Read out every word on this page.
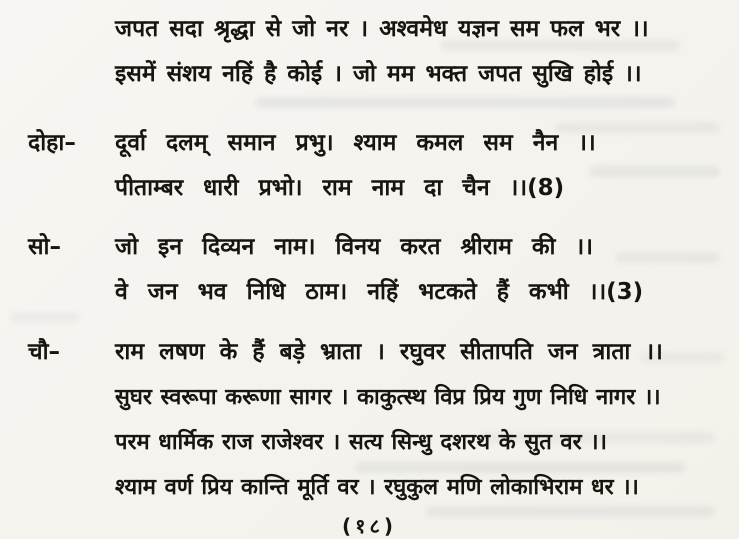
जपत सदा श्रृद्धा से जो नर । अश्वमेध यज्ञन सम फल भर ।।
इसमें संशय नहिं है कोई । जो मम भक्त जपत सुखि होई ।।
दोहा– दूर्वा दलम् समान प्रभु। श्याम कमल सम नैन ।।
पीताम्बर धारी प्रभो। राम नाम दा चैन ।।(8)
सो– जो इन दिव्यन नाम। विनय करत श्रीराम की ।।
वे जन भव निधि ठाम। नहिं भटकते हैं कभी ।।(3)
चौ– राम लषण के हैं बड़े भ्राता । रघुवर सीतापति जन त्राता ।।
सुघर स्वरूपा करूणा सागर । काकुत्स्थ विप्र प्रिय गुण निधि नागर ।।
परम धार्मिक राज राजेश्वर । सत्य सिन्धु दशरथ के सुत वर ।।
श्याम वर्ण प्रिय कान्ति मूर्ति वर । रघुकुल मणि लोकाभिराम धर ।।
(१८)
